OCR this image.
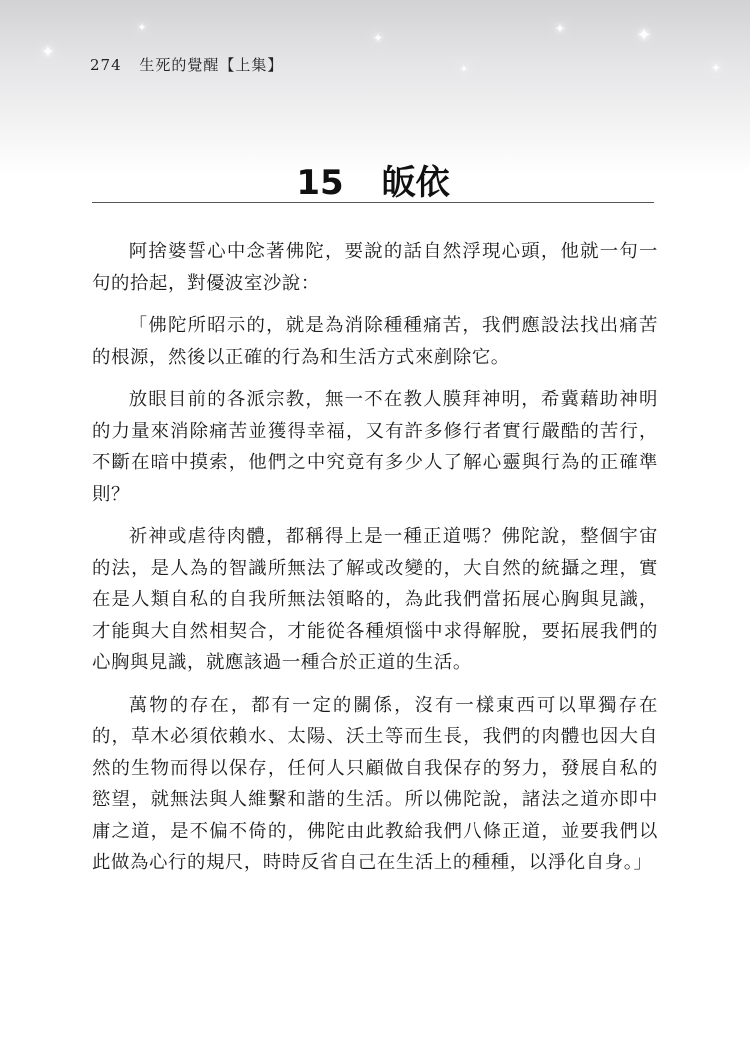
✦
✦
✦
✦
✦	✦
✦
274 生死的覺醒【上集】
15 皈依

阿捨婆誓心中念著佛陀，要說的話自然浮現心頭，他就一句一句的拾起，對優波室沙說：

「佛陀所昭示的，就是為消除種種痛苦，我們應設法找出痛苦的根源，然後以正確的行為和生活方式來剷除它。

放眼目前的各派宗教，無一不在教人膜拜神明，希冀藉助神明的力量來消除痛苦並獲得幸福，又有許多修行者實行嚴酷的苦行，不斷在暗中摸索，他們之中究竟有多少人了解心靈與行為的正確準則？

祈神或虐待肉體，都稱得上是一種正道嗎？佛陀說，整個宇宙的法，是人為的智識所無法了解或改變的，大自然的統攝之理，實在是人類自私的自我所無法領略的，為此我們當拓展心胸與見識，才能與大自然相契合，才能從各種煩惱中求得解脫，要拓展我們的心胸與見識，就應該過一種合於正道的生活。

萬物的存在，都有一定的關係，沒有一樣東西可以單獨存在的，草木必須依賴水、太陽、沃土等而生長，我們的肉體也因大自然的生物而得以保存，任何人只顧做自我保存的努力，發展自私的慾望，就無法與人維繫和諧的生活。所以佛陀說，諸法之道亦即中庸之道，是不偏不倚的，佛陀由此教給我們八條正道，並要我們以此做為心行的規尺，時時反省自己在生活上的種種，以淨化自身。」
